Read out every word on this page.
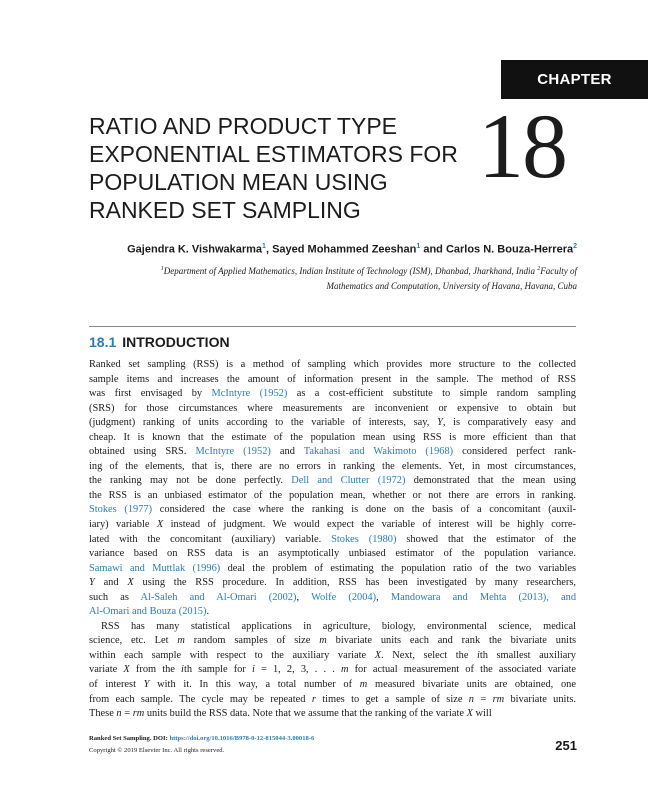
CHAPTER
RATIO AND PRODUCT TYPE
EXPONENTIAL ESTIMATORS FOR
POPULATION MEAN USING
RANKED SET SAMPLING
18
Gajendra K. Vishwakarma$^1$, Sayed Mohammed Zeeshan$^1$ and Carlos N. Bouza-Herrera$^2$
$^1$Department of Applied Mathematics, Indian Institute of Technology (ISM), Dhanbad, Jharkhand, India $^2$Faculty of
Mathematics and Computation, University of Havana, Havana, Cuba
18.1 INTRODUCTION
Ranked set sampling (RSS) is a method of sampling which provides more structure to the collected
sample items and increases the amount of information present in the sample. The method of RSS
was first envisaged by McIntyre (1952) as a cost-efficient substitute to simple random sampling
(SRS) for those circumstances where measurements are inconvenient or expensive to obtain but
(judgment) ranking of units according to the variable of interests, say, Y, is comparatively easy and
cheap. It is known that the estimate of the population mean using RSS is more efficient than that
obtained using SRS. McIntyre (1952) and Takahasi and Wakimoto (1968) considered perfect rank-
ing of the elements, that is, there are no errors in ranking the elements. Yet, in most circumstances,
the ranking may not be done perfectly. Dell and Clutter (1972) demonstrated that the mean using
the RSS is an unbiased estimator of the population mean, whether or not there are errors in ranking.
Stokes (1977) considered the case where the ranking is done on the basis of a concomitant (auxil-
iary) variable X instead of judgment. We would expect the variable of interest will be highly corre-
lated with the concomitant (auxiliary) variable. Stokes (1980) showed that the estimator of the
variance based on RSS data is an asymptotically unbiased estimator of the population variance.
Samawi and Muttlak (1996) deal the problem of estimating the population ratio of the two variables
Y and X using the RSS procedure. In addition, RSS has been investigated by many researchers,
such as Al-Saleh and Al-Omari (2002), Wolfe (2004), Mandowara and Mehta (2013), and
Al-Omari and Bouza (2015).
RSS has many statistical applications in agriculture, biology, environmental science, medical
science, etc. Let m random samples of size m bivariate units each and rank the bivariate units
within each sample with respect to the auxiliary variate X. Next, select the ith smallest auxiliary
variate X from the ith sample for i = 1, 2, 3, . . . m for actual measurement of the associated variate
of interest Y with it. In this way, a total number of m measured bivariate units are obtained, one
from each sample. The cycle may be repeated r times to get a sample of size n = rm bivariate units.
These n = rm units build the RSS data. Note that we assume that the ranking of the variate X will
Ranked Set Sampling. DOI: https://doi.org/10.1016/B978-0-12-815044-3.00018-6
Copyright © 2019 Elsevier Inc. All rights reserved.	251
